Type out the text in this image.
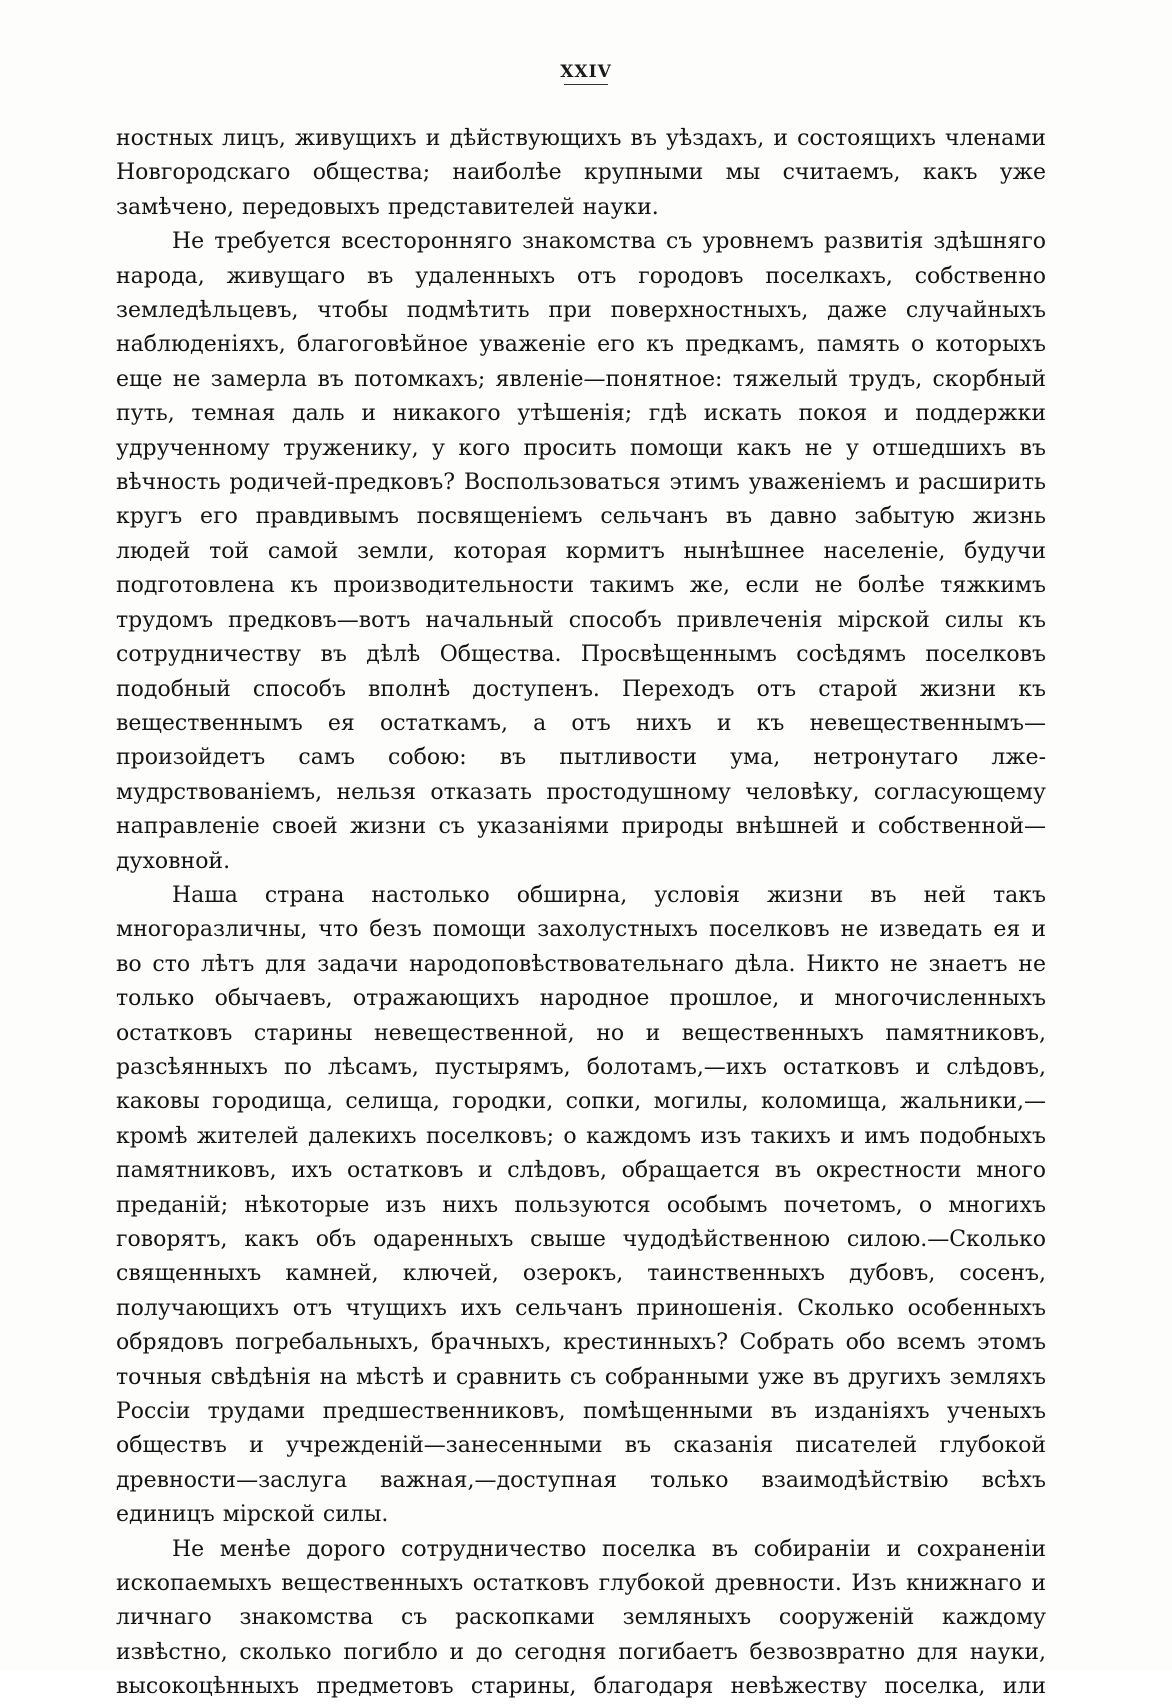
XXIV

ностных лицъ, живущихъ и дѣйствующихъ въ уѣздахъ, и состоящихъ членами Новгородскаго общества; наиболѣе крупными мы считаемъ, какъ уже замѣчено, передовыхъ представителей науки.

Не требуется всесторонняго знакомства съ уровнемъ развитія здѣшняго народа, живущаго въ удаленныхъ отъ городовъ поселкахъ, собственно земледѣльцевъ, чтобы подмѣтить при поверхностныхъ, даже случайныхъ наблюденіяхъ, благоговѣйное уваженіе его къ предкамъ, память о которыхъ еще не замерла въ потомкахъ; явленіе—понятное: тяжелый трудъ, скорбный путь, темная даль и никакого утѣшенія; гдѣ искать покоя и поддержки удрученному труженику, у кого просить помощи какъ не у отшедшихъ въ вѣчность родичей-предковъ? Воспользоваться этимъ уваженіемъ и расширить кругъ его правдивымъ посвященіемъ сельчанъ въ давно забытую жизнь людей той самой земли, которая кормитъ нынѣшнее населеніе, будучи подготовлена къ производительности такимъ же, если не болѣе тяжкимъ трудомъ предковъ—вотъ начальный способъ привлеченія мірской силы къ сотрудничеству въ дѣлѣ Общества. Просвѣщеннымъ сосѣдямъ поселковъ подобный способъ вполнѣ доступенъ. Переходъ отъ старой жизни къ вещественнымъ ея остаткамъ, а отъ нихъ и къ невещественнымъ—произойдетъ самъ собою: въ пытливости ума, нетронутаго лже-мудрствованіемъ, нельзя отказать простодушному человѣку, согласующему направленіе своей жизни съ указаніями природы внѣшней и собственной—духовной.

Наша страна настолько обширна, условія жизни въ ней такъ многоразличны, что безъ помощи захолустныхъ поселковъ не изведать ея и во сто лѣтъ для задачи народоповѣствовательнаго дѣла. Никто не знаетъ не только обычаевъ, отражающихъ народное прошлое, и многочисленныхъ остатковъ старины невещественной, но и вещественныхъ памятниковъ, разсѣянныхъ по лѣсамъ, пустырямъ, болотамъ,—ихъ остатковъ и слѣдовъ, каковы городища, селища, городки, сопки, могилы, коломища, жальники,—кромѣ жителей далекихъ поселковъ; о каждомъ изъ такихъ и имъ подобныхъ памятниковъ, ихъ остатковъ и слѣдовъ, обращается въ окрестности много преданій; нѣкоторые изъ нихъ пользуются особымъ почетомъ, о многихъ говорятъ, какъ объ одаренныхъ свыше чудодѣйственною силою.—Сколько священныхъ камней, ключей, озерокъ, таинственныхъ дубовъ, сосенъ, получающихъ отъ чтущихъ ихъ сельчанъ приношенія. Сколько особенныхъ обрядовъ погребальныхъ, брачныхъ, крестинныхъ? Собрать обо всемъ этомъ точныя свѣдѣнія на мѣстѣ и сравнить съ собранными уже въ другихъ земляхъ Россіи трудами предшественниковъ, помѣщенными въ изданіяхъ ученыхъ обществъ и учрежденій—занесенными въ сказанія писателей глубокой древности—заслуга важная,—доступная только взаимодѣйствію всѣхъ единицъ мірской силы.

Не менѣе дорого сотрудничество поселка въ собираніи и сохраненіи ископаемыхъ вещественныхъ остатковъ глубокой древности. Изъ книжнаго и личнаго знакомства съ раскопками земляныхъ сооруженій каждому извѣстно, сколько погибло и до сегодня погибаетъ безвозвратно для науки, высокоцѣнныхъ предметовъ старины, благодаря невѣжеству поселка, или
